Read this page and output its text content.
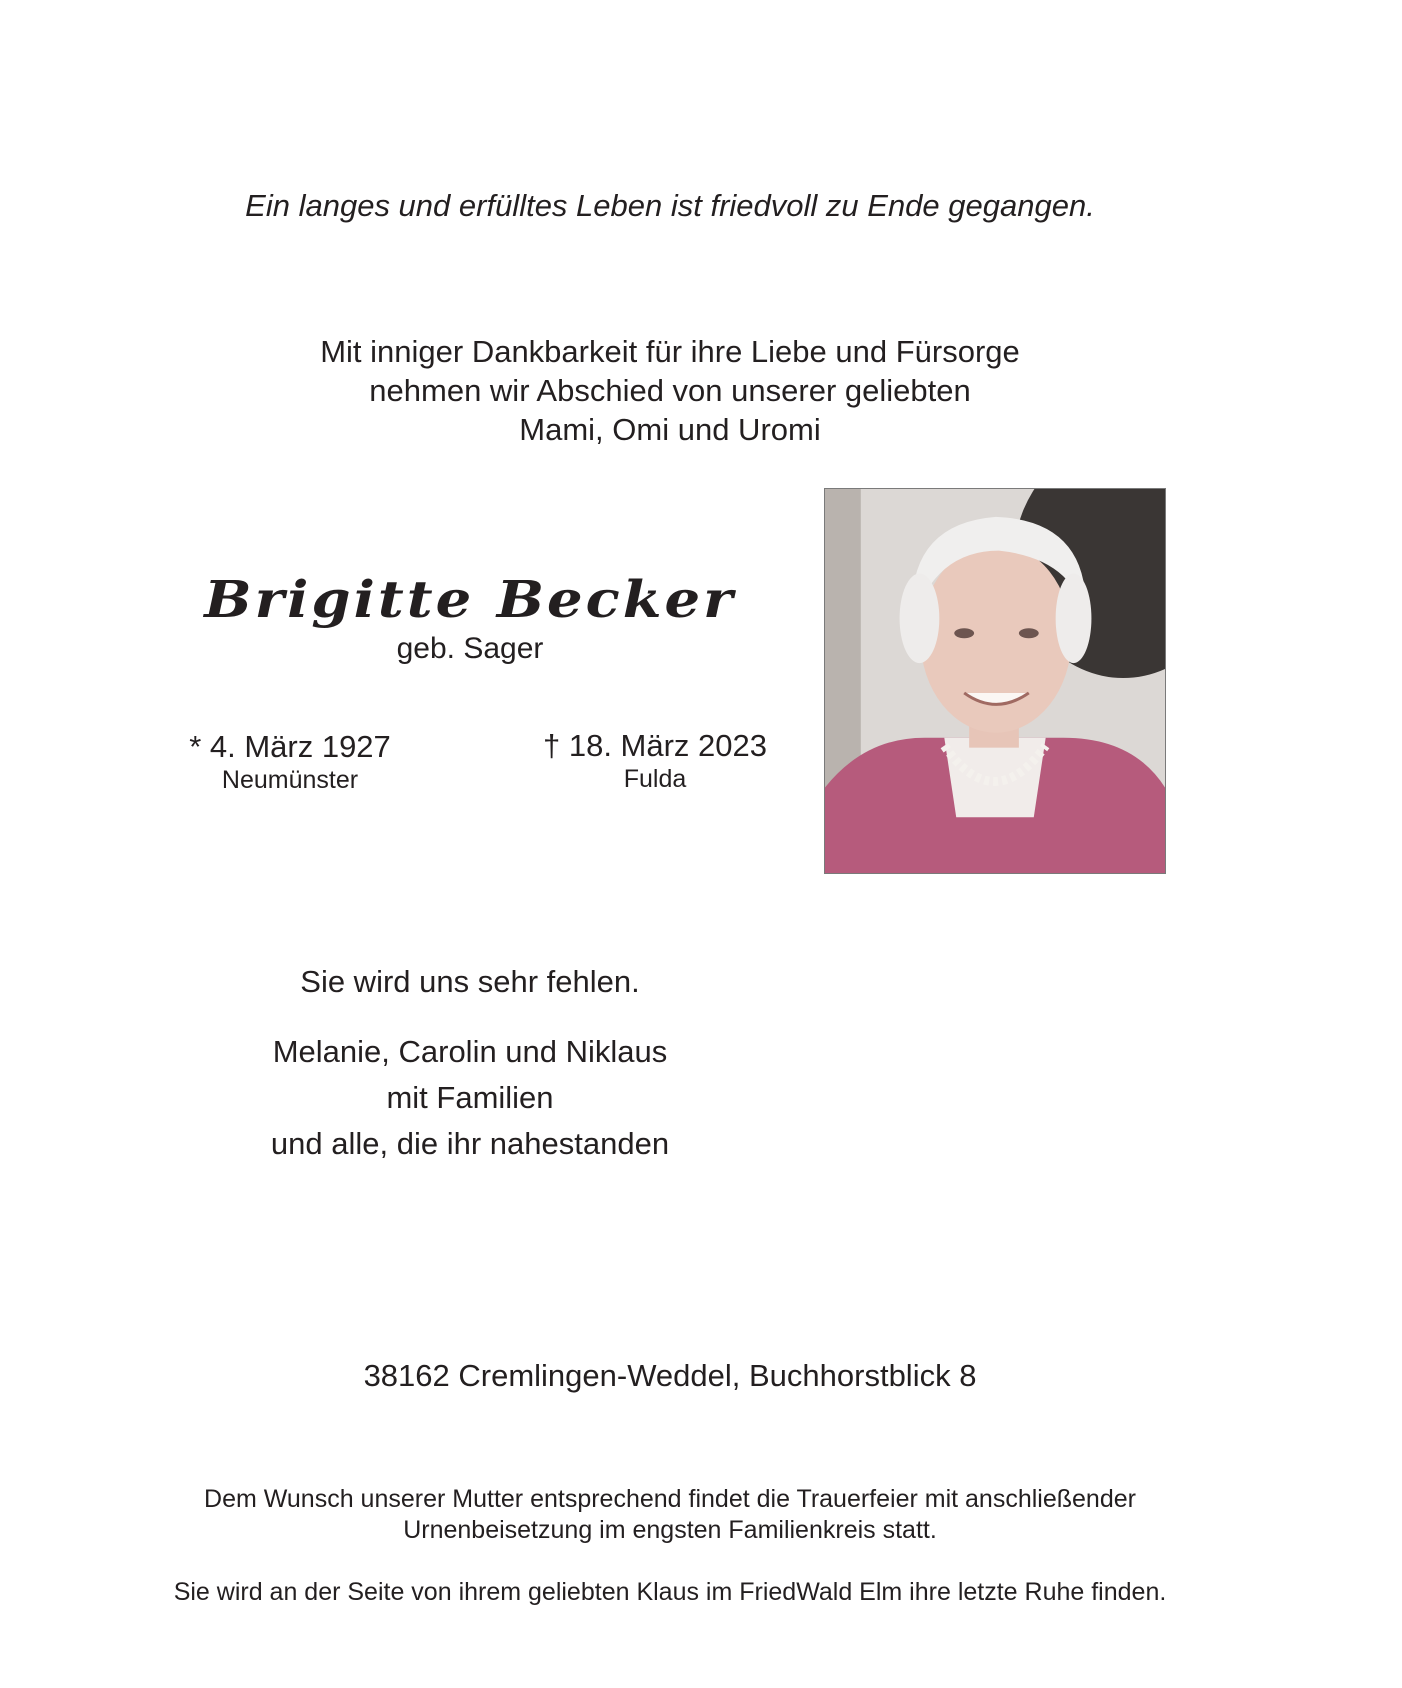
Ein langes und erfülltes Leben ist friedvoll zu Ende gegangen.
Mit inniger Dankbarkeit für ihre Liebe und Fürsorge
nehmen wir Abschied von unserer geliebten
Mami, Omi und Uromi
Brigitte Becker
geb. Sager
* 4. März 1927
Neumünster
† 18. März 2023
Fulda
Sie wird uns sehr fehlen.
Melanie, Carolin und Niklaus
mit Familien
und alle, die ihr nahestanden
38162 Cremlingen-Weddel, Buchhorstblick 8
Dem Wunsch unserer Mutter entsprechend findet die Trauerfeier mit anschließender
Urnenbeisetzung im engsten Familienkreis statt.
Sie wird an der Seite von ihrem geliebten Klaus im FriedWald Elm ihre letzte Ruhe finden.
